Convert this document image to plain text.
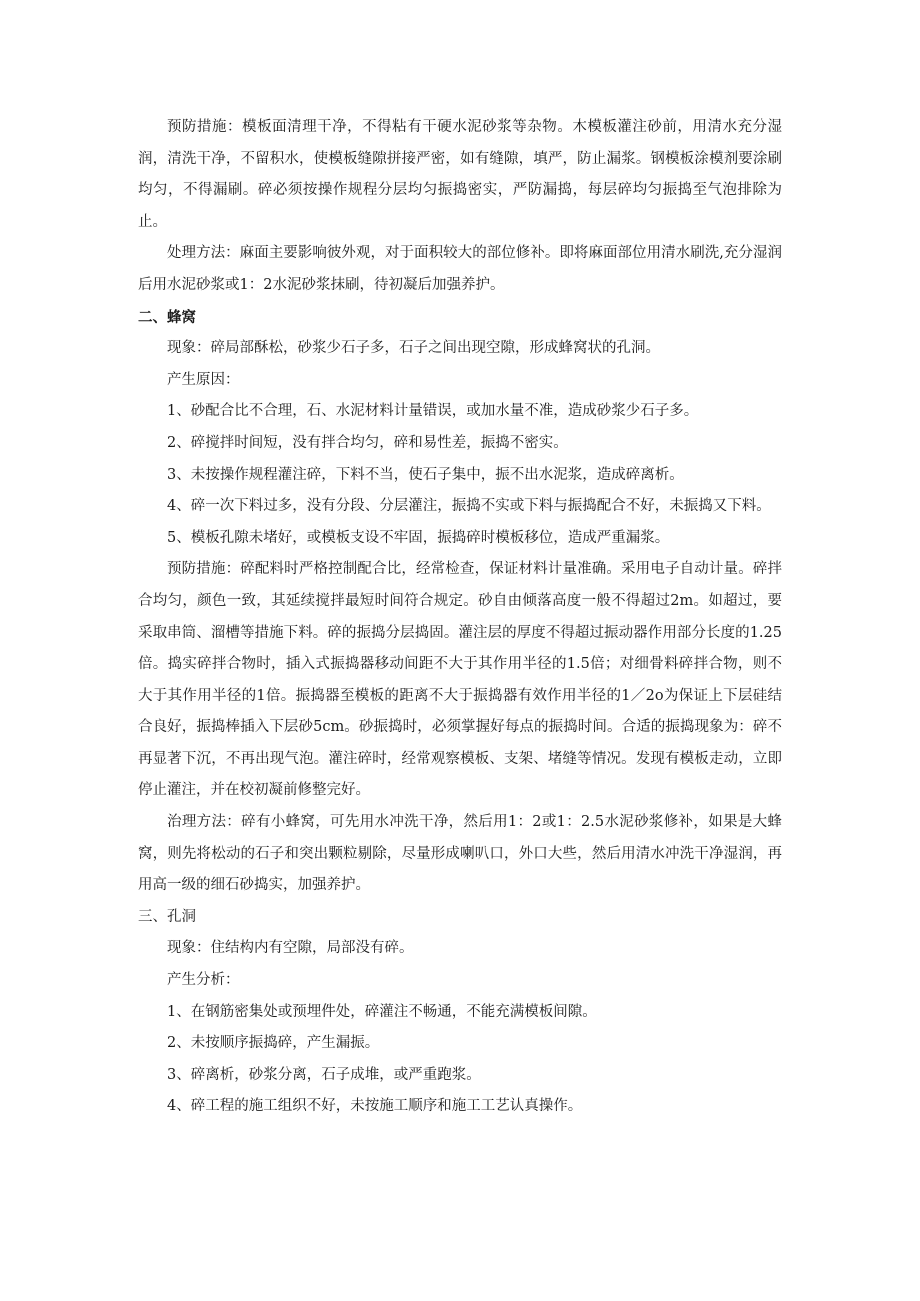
预防措施：模板面清理干净，不得粘有干硬水泥砂浆等杂物。木模板灌注砂前，用清水充分湿润，清洗干净，不留积水，使模板缝隙拼接严密，如有缝隙，填严，防止漏浆。钢模板涂模剂要涂刷均匀，不得漏刷。碎必须按操作规程分层均匀振捣密实，严防漏捣，每层碎均匀振捣至气泡排除为止。

处理方法：麻面主要影响彼外观，对于面积较大的部位修补。即将麻面部位用清水刷洗,充分湿润后用水泥砂浆或1：2水泥砂浆抹刷，待初凝后加强养护。

二、蜂窝

现象：碎局部酥松，砂浆少石子多，石子之间出现空隙，形成蜂窝状的孔洞。

产生原因：

1、砂配合比不合理，石、水泥材料计量错误，或加水量不准，造成砂浆少石子多。

2、碎搅拌时间短，没有拌合均匀，碎和易性差，振捣不密实。

3、未按操作规程灌注碎，下料不当，使石子集中，振不出水泥浆，造成碎离析。

4、碎一次下料过多，没有分段、分层灌注，振捣不实或下料与振捣配合不好，未振捣又下料。

5、模板孔隙未堵好，或模板支设不牢固，振捣碎时模板移位，造成严重漏浆。

预防措施：碎配料时严格控制配合比，经常检查，保证材料计量准确。采用电子自动计量。碎拌合均匀，颜色一致，其延续搅拌最短时间符合规定。砂自由倾落高度一般不得超过2m。如超过，要采取串筒、溜槽等措施下料。碎的振捣分层捣固。灌注层的厚度不得超过振动器作用部分长度的1.25倍。捣实碎拌合物时，插入式振捣器移动间距不大于其作用半径的1.5倍；对细骨料碎拌合物，则不大于其作用半径的1倍。振捣器至模板的距离不大于振捣器有效作用半径的1／2o为保证上下层硅结合良好，振捣棒插入下层砂5cm。砂振捣时，必须掌握好每点的振捣时间。合适的振捣现象为：碎不再显著下沉，不再出现气泡。灌注碎时，经常观察模板、支架、堵缝等情况。发现有模板走动，立即停止灌注，并在校初凝前修整完好。

治理方法：碎有小蜂窝，可先用水冲洗干净，然后用1：2或1：2.5水泥砂浆修补，如果是大蜂窝，则先将松动的石子和突出颗粒剔除，尽量形成喇叭口，外口大些，然后用清水冲洗干净湿润，再用高一级的细石砂捣实，加强养护。

三、孔洞

现象：住结构内有空隙，局部没有碎。

产生分析：

1、在钢筋密集处或预埋件处，碎灌注不畅通，不能充满模板间隙。

2、未按顺序振捣碎，产生漏振。

3、碎离析，砂浆分离，石子成堆，或严重跑浆。

4、碎工程的施工组织不好，未按施工顺序和施工工艺认真操作。
